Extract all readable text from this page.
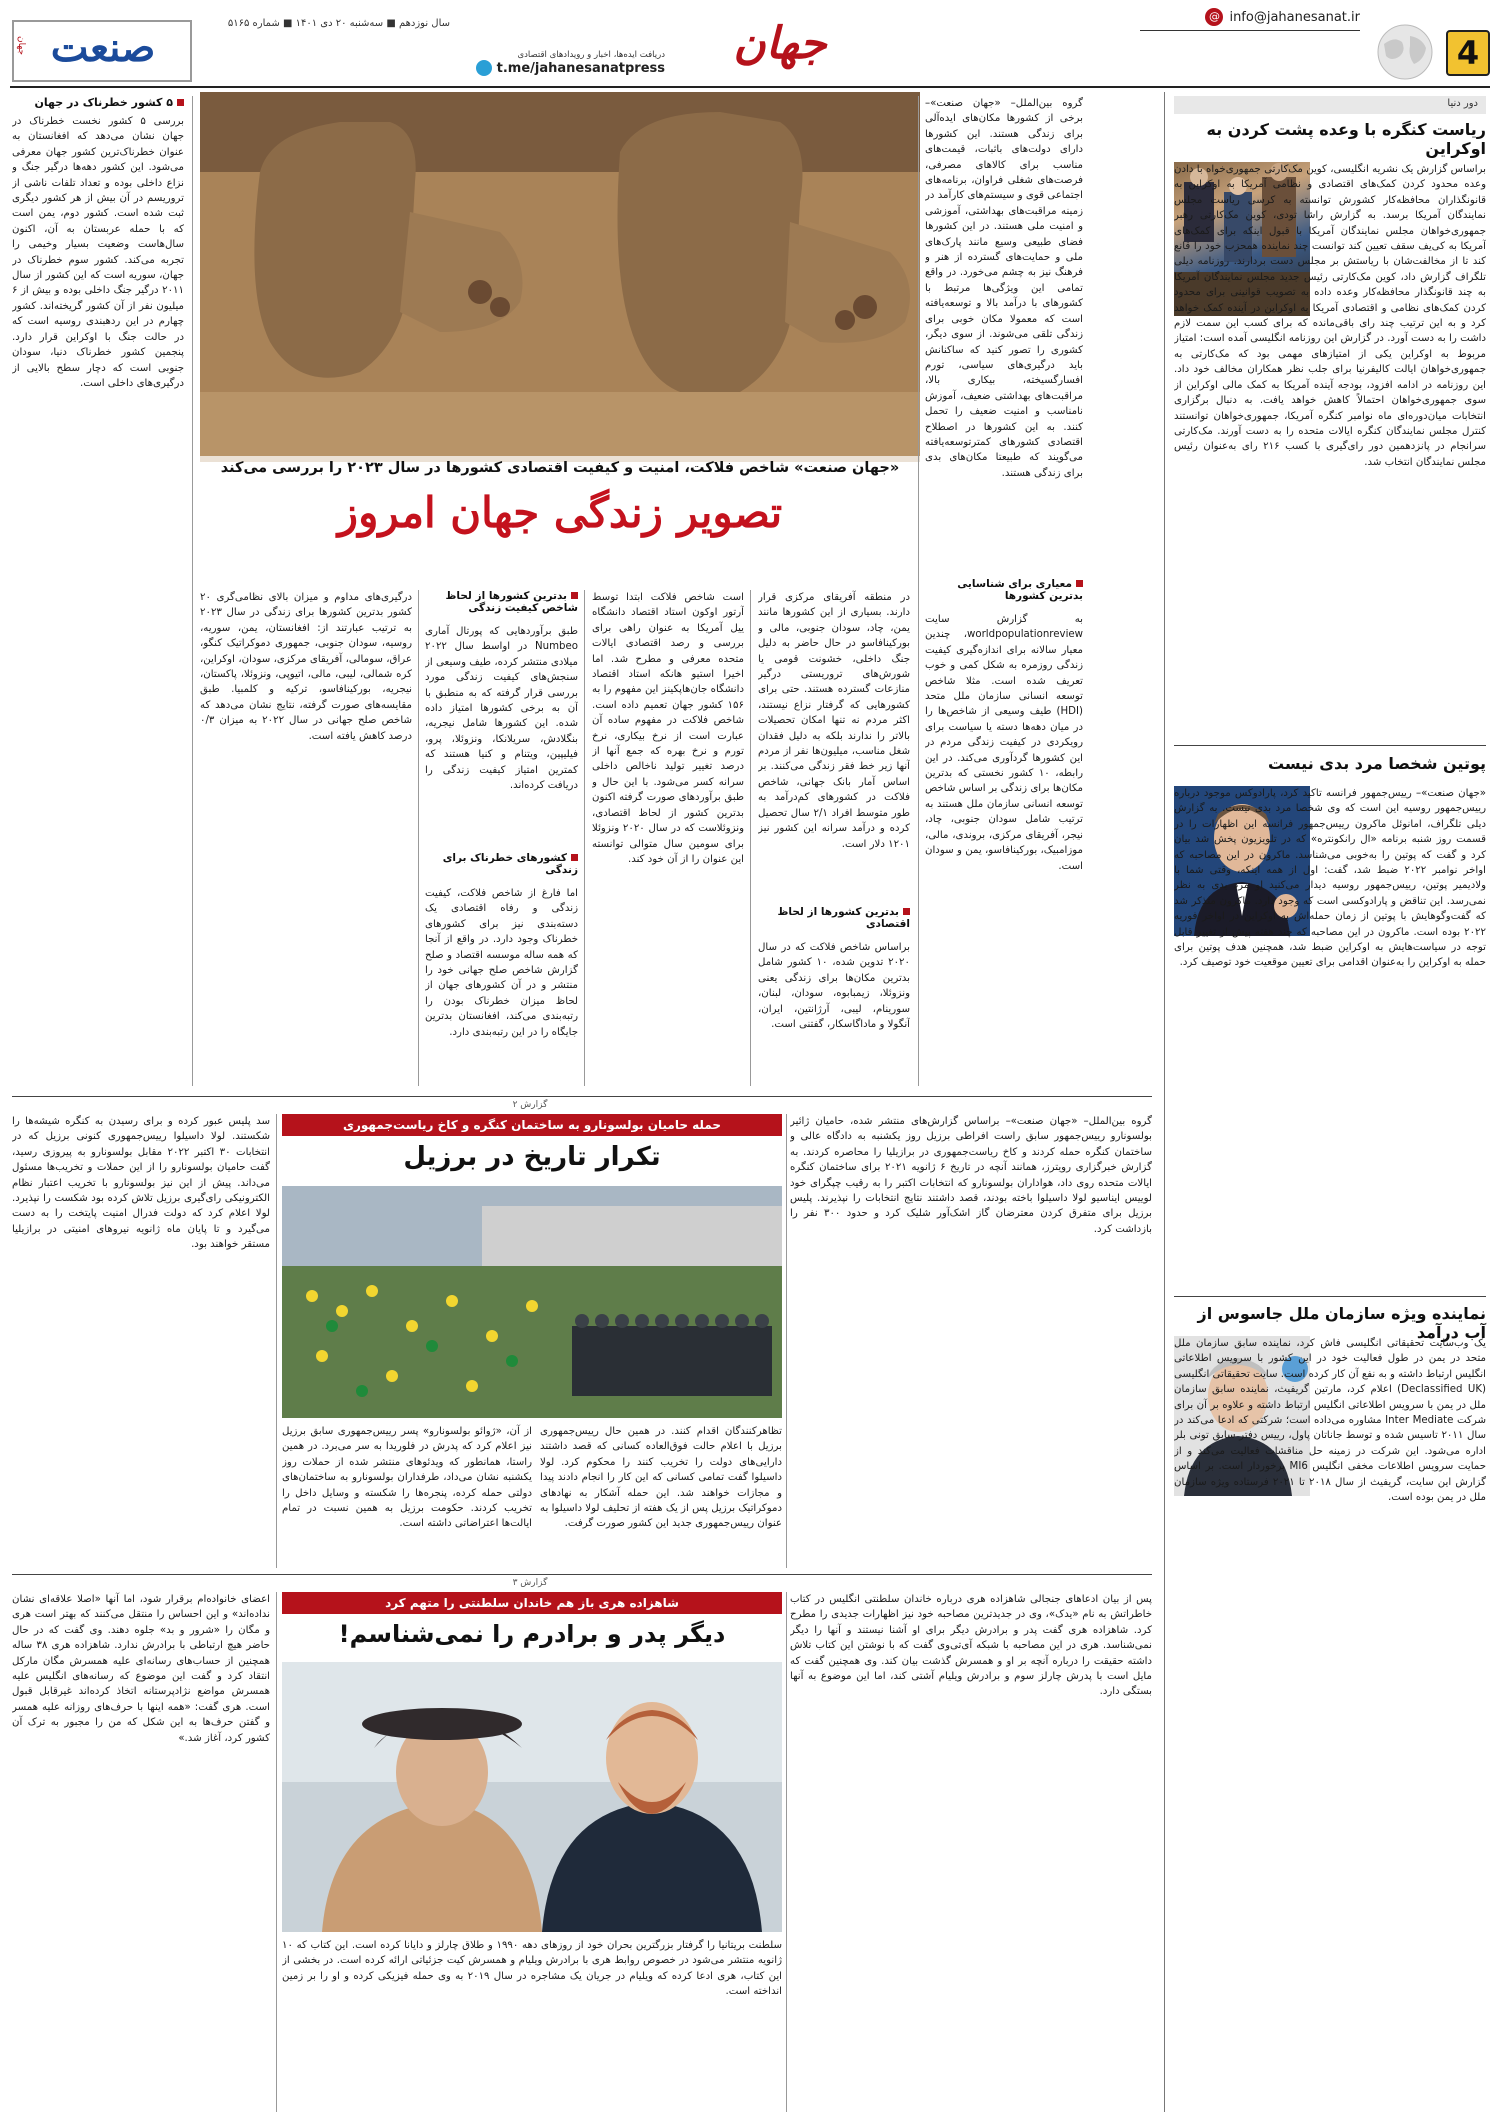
4
@ info@jahanesanat.ir
جهان
دریافت ایده‌ها، اخبار و رویدادهای اقتصادی
t.me/jahanesanatpress
سال نوزدهم ■ سه‌شنبه ۲۰ دی ۱۴۰۱ ■ شماره ۵۱۶۵
صنعت
جهان
دور دنیا
ریاست کنگره با وعده پشت کردن به اوکراین
براساس گزارش یک نشریه انگلیسی، کوین مک‌کارتی جمهوری‌خواه با دادن وعده محدود کردن کمک‌های اقتصادی و نظامی آمریکا به اوکراین به قانونگذاران محافظه‌کار کشورش توانسته به کرسی ریاست مجلس نمایندگان آمریکا برسد. به گزارش راشا تودی، کوین مک‌کارتی رهبر جمهوری‌خواهان مجلس نمایندگان آمریکا با قبول اینکه برای کمک‌های آمریکا به کی‌یف سقف تعیین کند توانست چند نماینده همحزب خود را قانع کند تا از مخالفت‌شان با ریاستش بر مجلس دست بردارند. روزنامه دیلی تلگراف گزارش داد، کوین مک‌کارتی رئیس جدید مجلس نمایندگان آمریکا به چند قانونگذار محافظه‌کار وعده داده به تصویب قوانینی برای محدود کردن کمک‌های نظامی و اقتصادی آمریکا به اوکراین در آینده کمک خواهد کرد و به این ترتیب چند رای باقی‌مانده که برای کسب این سمت لازم داشت را به دست آورد. در گزارش این روزنامه انگلیسی آمده است: امتیاز مربوط به اوکراین یکی از امتیازهای مهمی بود که مک‌کارتی به جمهوری‌خواهان ایالت کالیفرنیا برای جلب نظر همکاران مخالف خود داد. این روزنامه در ادامه افزود، بودجه آینده آمریکا به کمک مالی اوکراین از سوی جمهوری‌خواهان احتمالاً کاهش خواهد یافت. به دنبال برگزاری انتخابات میان‌دوره‌ای ماه نوامبر کنگره آمریکا، جمهوری‌خواهان توانستند کنترل مجلس نمایندگان کنگره ایالات متحده را به دست آورند. مک‌کارتی سرانجام در پانزدهمین دور رای‌گیری با کسب ۲۱۶ رای به‌عنوان رئیس مجلس نمایندگان انتخاب شد.
پوتین شخصا مرد بدی نیست
«جهان صنعت»– رییس‌جمهور فرانسه تاکید کرد، پارادوکس موجود درباره رییس‌جمهور روسیه این است که وی شخصا مرد بدی نیست. به گزارش دیلی تلگراف، امانوئل ماکرون رییس‌جمهور فرانسه این اظهارات را در قسمت روز شنبه برنامه «ال رانکونتره» که در تلویزیون پخش شد بیان کرد و گفت که پوتین را به‌خوبی می‌شناسد. ماکرون در این مصاحبه که اواخر نوامبر ۲۰۲۲ ضبط شد، گفت: اول از همه اینکه، وقتی شما با ولادیمیر پوتین، رییس‌جمهور روسیه دیدار می‌کنید او مرد بدی به نظر نمی‌رسد. این تناقض و پارادوکسی است که وجود دارد. ماکرون متذکر شد که گفت‌وگوهایش با پوتین از زمان حمله‌اش به اوکراین در اواخر فوریه ۲۰۲۲ بوده است. ماکرون در این مصاحبه که چند هفته پیش از تغییر قابل توجه در سیاست‌هایش به اوکراین ضبط شد، همچنین هدف پوتین برای حمله به اوکراین را به‌عنوان اقدامی برای تعیین موقعیت خود توصیف کرد.
نماینده ویژه سازمان ملل جاسوس از آب درآمد
یک وب‌سایت تحقیقاتی انگلیسی فاش کرد، نماینده سابق سازمان ملل متحد در یمن در طول فعالیت خود در این کشور با سرویس اطلاعاتی انگلیس ارتباط داشته و به نفع آن کار کرده است. سایت تحقیقاتی انگلیسی (Declassified UK) اعلام کرد، مارتین گریفیث، نماینده سابق سازمان ملل در یمن با سرویس اطلاعاتی انگلیس ارتباط داشته و علاوه بر آن برای شرکت Inter Mediate مشاوره می‌داده است؛ شرکتی که ادعا می‌کند در سال ۲۰۱۱ تاسیس شده و توسط جاناتان پاول، رییس دفتر سابق تونی بلر اداره می‌شود. این شرکت در زمینه حل مناقشات فعالیت می‌کند و از حمایت سرویس اطلاعات مخفی انگلیس MI6 برخوردار است. بر اساس گزارش این سایت، گریفیث از سال ۲۰۱۸ تا ۲۰۲۱ فرستاده ویژه سازمان ملل در یمن بوده است.
«جهان صنعت» شاخص فلاکت، امنیت و کیفیت اقتصادی کشورها در سال ۲۰۲۳ را بررسی می‌کند
تصویر زندگی جهان امروز
گروه بین‌الملل– «جهان صنعت»– برخی از کشورها مکان‌های ایده‌آلی برای زندگی هستند. این کشورها دارای دولت‌های باثبات، قیمت‌های مناسب برای کالاهای مصرفی، فرصت‌های شغلی فراوان، برنامه‌های اجتماعی قوی و سیستم‌های کارآمد در زمینه مراقبت‌های بهداشتی، آموزشی و امنیت ملی هستند. در این کشورها فضای طبیعی وسیع مانند پارک‌های ملی و حمایت‌های گسترده از هنر و فرهنگ نیز به چشم می‌خورد. در واقع تمامی این ویژگی‌ها مرتبط با کشورهای با درآمد بالا و توسعه‌یافته است که معمولا مکان خوبی برای زندگی تلقی می‌شوند. از سوی دیگر، کشوری را تصور کنید که ساکنانش باید درگیری‌های سیاسی، تورم افسارگسیخته، بیکاری بالا، مراقبت‌های بهداشتی ضعیف، آموزش نامناسب و امنیت ضعیف را تحمل کنند. به این کشورها در اصطلاح اقتصادی کشورهای کمترتوسعه‌یافته می‌گویند که طبیعتا مکان‌های بدی برای زندگی هستند.
معیاری برای شناسایی بدترین کشورها
به گزارش سایت worldpopulationreview، چندین معیار سالانه برای اندازه‌گیری کیفیت زندگی روزمره به شکل کمی و خوب تعریف شده است. مثلا شاخص توسعه انسانی سازمان ملل متحد (HDI) طیف وسیعی از شاخص‌ها را در میان دهه‌ها دسته یا سیاست برای رویکردی در کیفیت زندگی مردم در این کشورها گردآوری می‌کند. در این رابطه، ۱۰ کشور نخستی که بدترین مکان‌ها برای زندگی بر اساس شاخص توسعه انسانی سازمان ملل هستند به ترتیب شامل سودان جنوبی، چاد، نیجر، آفریقای مرکزی، بروندی، مالی، موزامبیک، بورکینافاسو، یمن و سودان است.
در منطقه آفریقای مرکزی قرار دارند. بسیاری از این کشورها مانند یمن، چاد، سودان جنوبی، مالی و بورکینافاسو در حال حاضر به دلیل جنگ داخلی، خشونت قومی یا شورش‌های تروریستی درگیر منازعات گسترده هستند. حتی برای کشورهایی که گرفتار نزاع نیستند، اکثر مردم نه تنها امکان تحصیلات بالاتر را ندارند بلکه به دلیل فقدان شغل مناسب، میلیون‌ها نفر از مردم آنها زیر خط فقر زندگی می‌کنند. بر اساس آمار بانک جهانی، شاخص فلاکت در کشورهای کم‌درآمد به طور متوسط افراد ۲/۱ سال تحصیل کرده و درآمد سرانه این کشور نیز ۱۲۰۱ دلار است.
بدترین کشورها از لحاظ اقتصادی
براساس شاخص فلاکت که در سال ۲۰۲۰ تدوین شده، ۱۰ کشور شامل بدترین مکان‌ها برای زندگی یعنی ونزوئلا، زیمبابوه، سودان، لبنان، سورینام، لیبی، آرژانتین، ایران، آنگولا و ماداگاسکار، گفتنی است.
است شاخص فلاکت ابتدا توسط آرتور اوکون استاد اقتصاد دانشگاه ییل آمریکا به عنوان راهی برای بررسی و رصد اقتصادی ایالات متحده معرفی و مطرح شد. اما اخیرا استیو هانکه استاد اقتصاد دانشگاه جان‌هاپکینز این مفهوم را به ۱۵۶ کشور جهان تعمیم داده است. شاخص فلاکت در مفهوم ساده آن عبارت است از نرخ بیکاری، نرخ تورم و نرخ بهره که جمع آنها از درصد تغییر تولید ناخالص داخلی سرانه کسر می‌شود. با این حال و طبق برآوردهای صورت گرفته اکنون بدترین کشور از لحاظ اقتصادی، ونزوئلاست که در سال ۲۰۲۰ ونزوئلا برای سومین سال متوالی توانسته این عنوان را از آن خود کند.
بدترین کشورها از لحاظ شاخص کیفیت زندگی
طبق برآوردهایی که پورتال آماری Numbeo در اواسط سال ۲۰۲۲ میلادی منتشر کرده، طیف وسیعی از سنجش‌های کیفیت زندگی مورد بررسی قرار گرفته که به منطبق با آن به برخی کشورها امتیاز داده شده. این کشورها شامل نیجریه، بنگلادش، سریلانکا، ونزوئلا، پرو، فیلیپین، ویتنام و کنیا هستند که کمترین امتیاز کیفیت زندگی را دریافت کرده‌اند.
کشورهای خطرناک برای زندگی
اما فارغ از شاخص فلاکت، کیفیت زندگی و رفاه اقتصادی یک دسته‌بندی نیز برای کشورهای خطرناک وجود دارد. در واقع از آنجا که همه ساله موسسه اقتصاد و صلح گزارش شاخص صلح جهانی خود را منتشر و در آن کشورهای جهان از لحاظ میزان خطرناک بودن را رتبه‌بندی می‌کند، افغانستان بدترین جایگاه را در این رتبه‌بندی دارد.
درگیری‌های مداوم و میزان بالای نظامی‌گری ۲۰ کشور بدترین کشورها برای زندگی در سال ۲۰۲۳ به ترتیب عبارتند از: افغانستان، یمن، سوریه، روسیه، سودان جنوبی، جمهوری دموکراتیک کنگو، عراق، سومالی، آفریقای مرکزی، سودان، اوکراین، کره شمالی، لیبی، مالی، اتیوپی، ونزوئلا، پاکستان، نیجریه، بورکینافاسو، ترکیه و کلمبیا. طبق مقایسه‌های صورت گرفته، نتایج نشان می‌دهد که شاخص صلح جهانی در سال ۲۰۲۲ به میزان ۰/۳ درصد کاهش یافته است.
۵ کشور خطرناک در جهان
بررسی ۵ کشور نخست خطرناک در جهان نشان می‌دهد که افغانستان به عنوان خطرناک‌ترین کشور جهان معرفی می‌شود. این کشور دهه‌ها درگیر جنگ و نزاع داخلی بوده و تعداد تلفات ناشی از تروریسم در آن بیش از هر کشور دیگری ثبت شده است. کشور دوم، یمن است که با حمله عربستان به آن، اکنون سال‌هاست وضعیت بسیار وخیمی را تجربه می‌کند. کشور سوم خطرناک در جهان، سوریه است که این کشور از سال ۲۰۱۱ درگیر جنگ داخلی بوده و بیش از ۶ میلیون نفر از آن کشور گریخته‌اند. کشور چهارم در این ردهبندی روسیه است که در حالت جنگ با اوکراین قرار دارد. پنجمین کشور خطرناک دنیا، سودان جنوبی است که دچار سطح بالایی از درگیری‌های داخلی است.
گزارش ۲
حمله حامیان بولسونارو به ساختمان کنگره و کاخ ریاست‌جمهوری
تکرار تاریخ در برزیل
گروه بین‌الملل– «جهان صنعت»– براساس گزارش‌های منتشر شده، حامیان ژائیر بولسونارو رییس‌جمهور سابق راست افراطی برزیل روز یکشنبه به دادگاه عالی و ساختمان کنگره حمله کردند و کاخ ریاست‌جمهوری در برازیلیا را محاصره کردند. به گزارش خبرگزاری رویترز، همانند آنچه در تاریخ ۶ ژانویه ۲۰۲۱ برای ساختمان کنگره ایالات متحده روی داد، هواداران بولسونارو که انتخابات اکتبر را به رقیب چپگرای خود لوییس ایناسیو لولا داسیلوا باخته بودند، قصد داشتند نتایج انتخابات را نپذیرند. پلیس برزیل برای متفرق کردن معترضان گاز اشک‌آور شلیک کرد و حدود ۳۰۰ نفر را بازداشت کرد.
تظاهرکنندگان اقدام کنند. در همین حال رییس‌جمهوری برزیل با اعلام حالت فوق‌العاده کسانی که قصد داشتند دارایی‌های دولت را تخریب کنند را محکوم کرد. لولا داسیلوا گفت تمامی کسانی که این کار را انجام دادند پیدا و مجازات خواهند شد. این حمله آشکار به نهادهای دموکراتیک برزیل پس از یک هفته از تحلیف لولا داسیلوا به عنوان رییس‌جمهوری جدید این کشور صورت گرفت.
از آن، «ژوائو بولسونارو» پسر رییس‌جمهوری سابق برزیل نیز اعلام کرد که پدرش در فلوریدا به سر می‌برد. در همین راستا، همانطور که ویدئوهای منتشر شده از حملات روز یکشنبه نشان می‌داد، طرفداران بولسونارو به ساختمان‌های دولتی حمله کرده، پنجره‌ها را شکسته و وسایل داخل را تخریب کردند. حکومت برزیل به همین نسبت در تمام ایالت‌ها اعتراضاتی داشته است.
سد پلیس عبور کرده و برای رسیدن به کنگره شیشه‌ها را شکستند. لولا داسیلوا رییس‌جمهوری کنونی برزیل که در انتخابات ۳۰ اکتبر ۲۰۲۲ مقابل بولسونارو به پیروزی رسید، گفت حامیان بولسونارو را از این حملات و تخریب‌ها مسئول می‌داند. پیش از این نیز بولسونارو با تخریب اعتبار نظام الکترونیکی رای‌گیری برزیل تلاش کرده بود شکست را نپذیرد. لولا اعلام کرد که دولت فدرال امنیت پایتخت را به دست می‌گیرد و تا پایان ماه ژانویه نیروهای امنیتی در برازیلیا مستقر خواهند بود.
گزارش ۳
شاهزاده هری باز هم خاندان سلطنتی را متهم کرد
دیگر پدر و برادرم را نمی‌شناسم!
پس از بیان ادعاهای جنجالی شاهزاده هری درباره خاندان سلطنتی انگلیس در کتاب خاطراتش به نام «یدک»، وی در جدیدترین مصاحبه خود نیز اظهارات جدیدی را مطرح کرد. شاهزاده هری گفت پدر و برادرش دیگر برای او آشنا نیستند و آنها را دیگر نمی‌شناسد. هری در این مصاحبه با شبکه آی‌تی‌وی گفت که با نوشتن این کتاب تلاش داشته حقیقت را درباره آنچه بر او و همسرش گذشت بیان کند. وی همچنین گفت که مایل است با پدرش چارلز سوم و برادرش ویلیام آشتی کند، اما این موضوع به آنها بستگی دارد.
سلطنت بریتانیا را گرفتار بزرگترین بحران خود از روزهای دهه ۱۹۹۰ و طلاق چارلز و دایانا کرده است. این کتاب که ۱۰ ژانویه منتشر می‌شود در خصوص روابط هری با برادرش ویلیام و همسرش کیت جزئیاتی ارائه کرده است. در بخشی از این کتاب، هری ادعا کرده که ویلیام در جریان یک مشاجره در سال ۲۰۱۹ به وی حمله فیزیکی کرده و او را بر زمین انداخته است.
اعضای خانواده‌ام برقرار شود، اما آنها «اصلا علاقه‌ای نشان نداده‌اند» و این احساس را منتقل می‌کنند که بهتر است هری و مگان را «شرور و بد» جلوه دهند. وی گفت که در حال حاضر هیچ ارتباطی با برادرش ندارد. شاهزاده هری ۳۸ ساله همچنین از حساب‌های رسانه‌ای علیه همسرش مگان مارکل انتقاد کرد و گفت این موضوع که رسانه‌های انگلیس علیه همسرش مواضع نژادپرستانه اتخاذ کرده‌اند غیرقابل قبول است. هری گفت: «همه اینها با حرف‌های روزانه علیه همسر و گفتن حرف‌ها به این شکل که من را مجبور به ترک آن کشور کرد، آغاز شد.»
